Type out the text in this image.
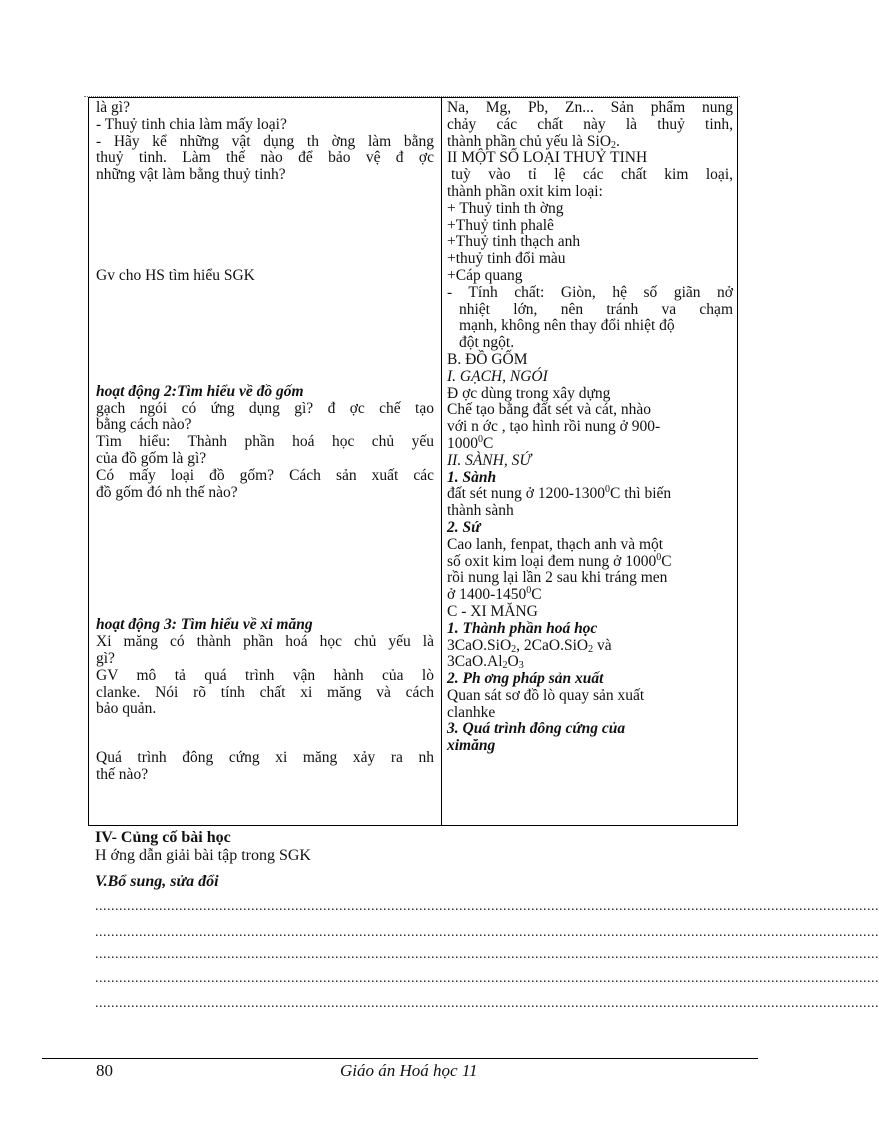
là gì?
- Thuỷ tinh chia làm mấy loại?
- Hãy kể những vật dụng th ờng làm bằng
thuỷ tinh. Làm thế nào để bảo vệ đ ợc
những vật làm bằng thuỷ tinh?
Gv cho HS tìm hiểu SGK
hoạt động 2:Tìm hiểu về đồ gốm
gạch ngói có ứng dụng gì? đ ợc chế tạo
bằng cách nào?
Tìm hiểu: Thành phần hoá học chủ yếu
của đồ gốm là gì?
Có mấy loại đồ gốm? Cách sản xuất các
đồ gốm đó nh thế nào?
hoạt động 3: Tìm hiểu về xi măng
Xi măng có thành phần hoá học chủ yếu là
gì?
GV mô tả quá trình vận hành của lò
clanke. Nói rõ tính chất xi măng và cách
bảo quản.
Quá trình đông cứng xi măng xảy ra nh
thế nào?
Na, Mg, Pb, Zn... Sản phẩm nung
chảy các chất này là thuỷ tinh,
thành phần chủ yếu là SiO$_2$.
II MỘT SỐ LOẠI THUỶ TINH
tuỳ vào tỉ lệ các chất kim loại,
thành phần oxit kim loại:
+ Thuỷ tinh th ờng
+Thuỷ tinh phalê
+Thuỷ tinh thạch anh
+thuỷ tinh đổi màu
+Cáp quang
- Tính chất: Giòn, hệ số giãn nở
nhiệt lớn, nên tránh va chạm
mạnh, không nên thay đổi nhiệt độ
đột ngột.
B. ĐỒ GỐM
I. GẠCH, NGÓI
Đ ợc dùng trong xây dựng
Chế tạo bằng đất sét và cát, nhào
với n ớc , tạo hình rồi nung ở 900-
1000$^0$C
II. SÀNH, SỨ
1. Sành
đất sét nung ở 1200-1300$^0$C thì biến
thành sành
2. Sứ
Cao lanh, fenpat, thạch anh và một
số oxit kim loại đem nung ở 1000$^0$C
rồi nung lại lần 2 sau khi tráng men
ở 1400-1450$^0$C
C - XI MĂNG
1. Thành phần hoá học
3CaO.SiO$_2$, 2CaO.SiO$_2$ và
$3CaO.Al_2O_3$
2. Ph ơng pháp sản xuất
Quan sát sơ đồ lò quay sản xuất
clanhke
3. Quá trình đông cứng của
ximăng
IV- Củng cố bài học
H ớng dẫn giải bài tập trong SGK
V.Bổ sung, sửa đổi
....................................................................................................................................................................................................
....................................................................................................................................................................................................
....................................................................................................................................................................................................
....................................................................................................................................................................................................
....................................................................................................................................................................................................
80	Giáo án Hoá học 11
